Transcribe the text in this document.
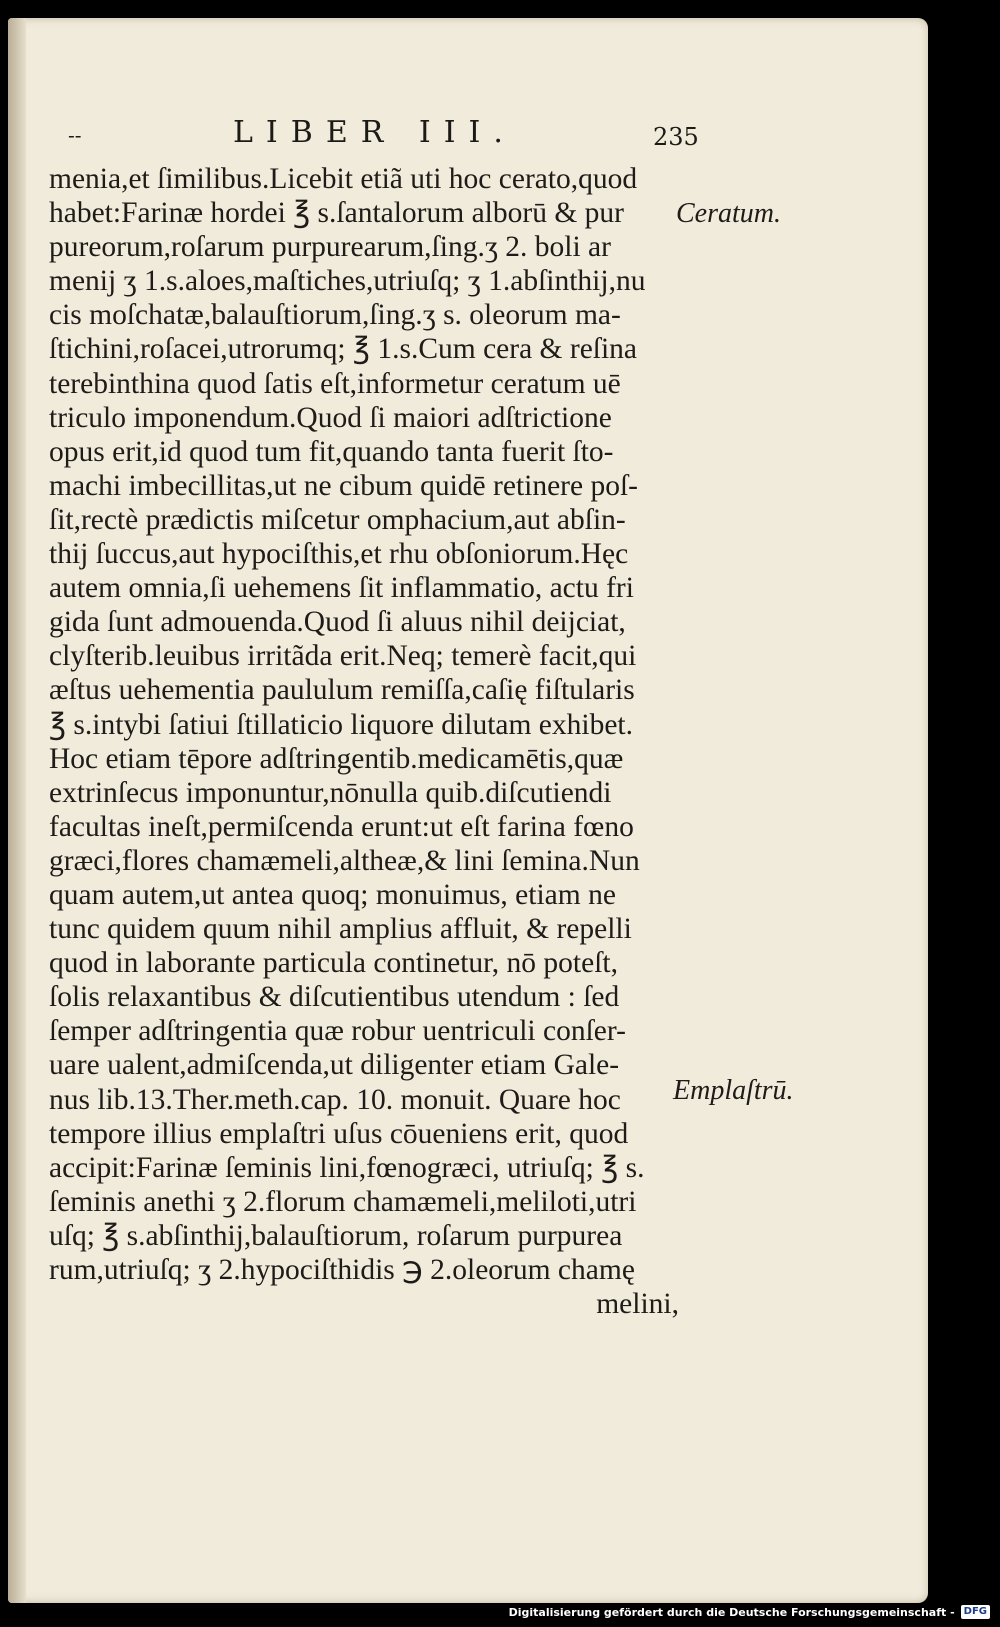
--	LIBER III.	235
menia,et ſimilibus.Licebit etiã uti hoc cerato,quod
habet:Farinæ hordei ℥ s.ſantalorum alborū & pur
pureorum,roſarum purpurearum,ſing.ʒ 2. boli ar
menij ʒ 1.s.aloes,maſtiches,utriuſq; ʒ 1.abſinthij,nu
cis moſchatæ,balauſtiorum,ſing.ʒ s. oleorum ma-
ſtichini,roſacei,utrorumq; ℥ 1.s.Cum cera & reſina
terebinthina quod ſatis eſt,informetur ceratum uē
triculo imponendum.Quod ſi maiori adſtrictione
opus erit,id quod tum fit,quando tanta fuerit ſto-
machi imbecillitas,ut ne cibum quidē retinere poſ-
ſit,rectè prædictis miſcetur omphacium,aut abſin-
thij ſuccus,aut hypociſthis,et rhu obſoniorum.Hęc
autem omnia,ſi uehemens ſit inflammatio, actu fri
gida ſunt admouenda.Quod ſi aluus nihil deijciat,
clyſterib.leuibus irritãda erit.Neq; temerè facit,qui
æſtus uehementia paululum remiſſa,caſię fiſtularis
℥ s.intybi ſatiui ſtillaticio liquore dilutam exhibet.
Hoc etiam tēpore adſtringentib.medicamētis,quæ
extrinſecus imponuntur,nōnulla quib.diſcutiendi
facultas ineſt,permiſcenda erunt:ut eſt farina fœno
græci,flores chamæmeli,altheæ,& lini ſemina.Nun
quam autem,ut antea quoq; monuimus, etiam ne
tunc quidem quum nihil amplius affluit, & repelli
quod in laborante particula continetur, nō poteſt,
ſolis relaxantibus & diſcutientibus utendum : ſed
ſemper adſtringentia quæ robur uentriculi conſer-
uare ualent,admiſcenda,ut diligenter etiam Gale-
nus lib.13.Ther.meth.cap. 10. monuit. Quare hoc
tempore illius emplaſtri uſus cōueniens erit, quod
accipit:Farinæ ſeminis lini,fœnogræci, utriuſq; ℥ s.
ſeminis anethi ʒ 2.florum chamæmeli,meliloti,utri
uſq; ℥ s.abſinthij,balauſtiorum, roſarum purpurea
rum,utriuſq; ʒ 2.hypociſthidis ℈ 2.oleorum chamę
melini,
Ceratum.
Emplaſtrū.
Digitalisierung gefördert durch die Deutsche Forschungsgemeinschaft - DFG
